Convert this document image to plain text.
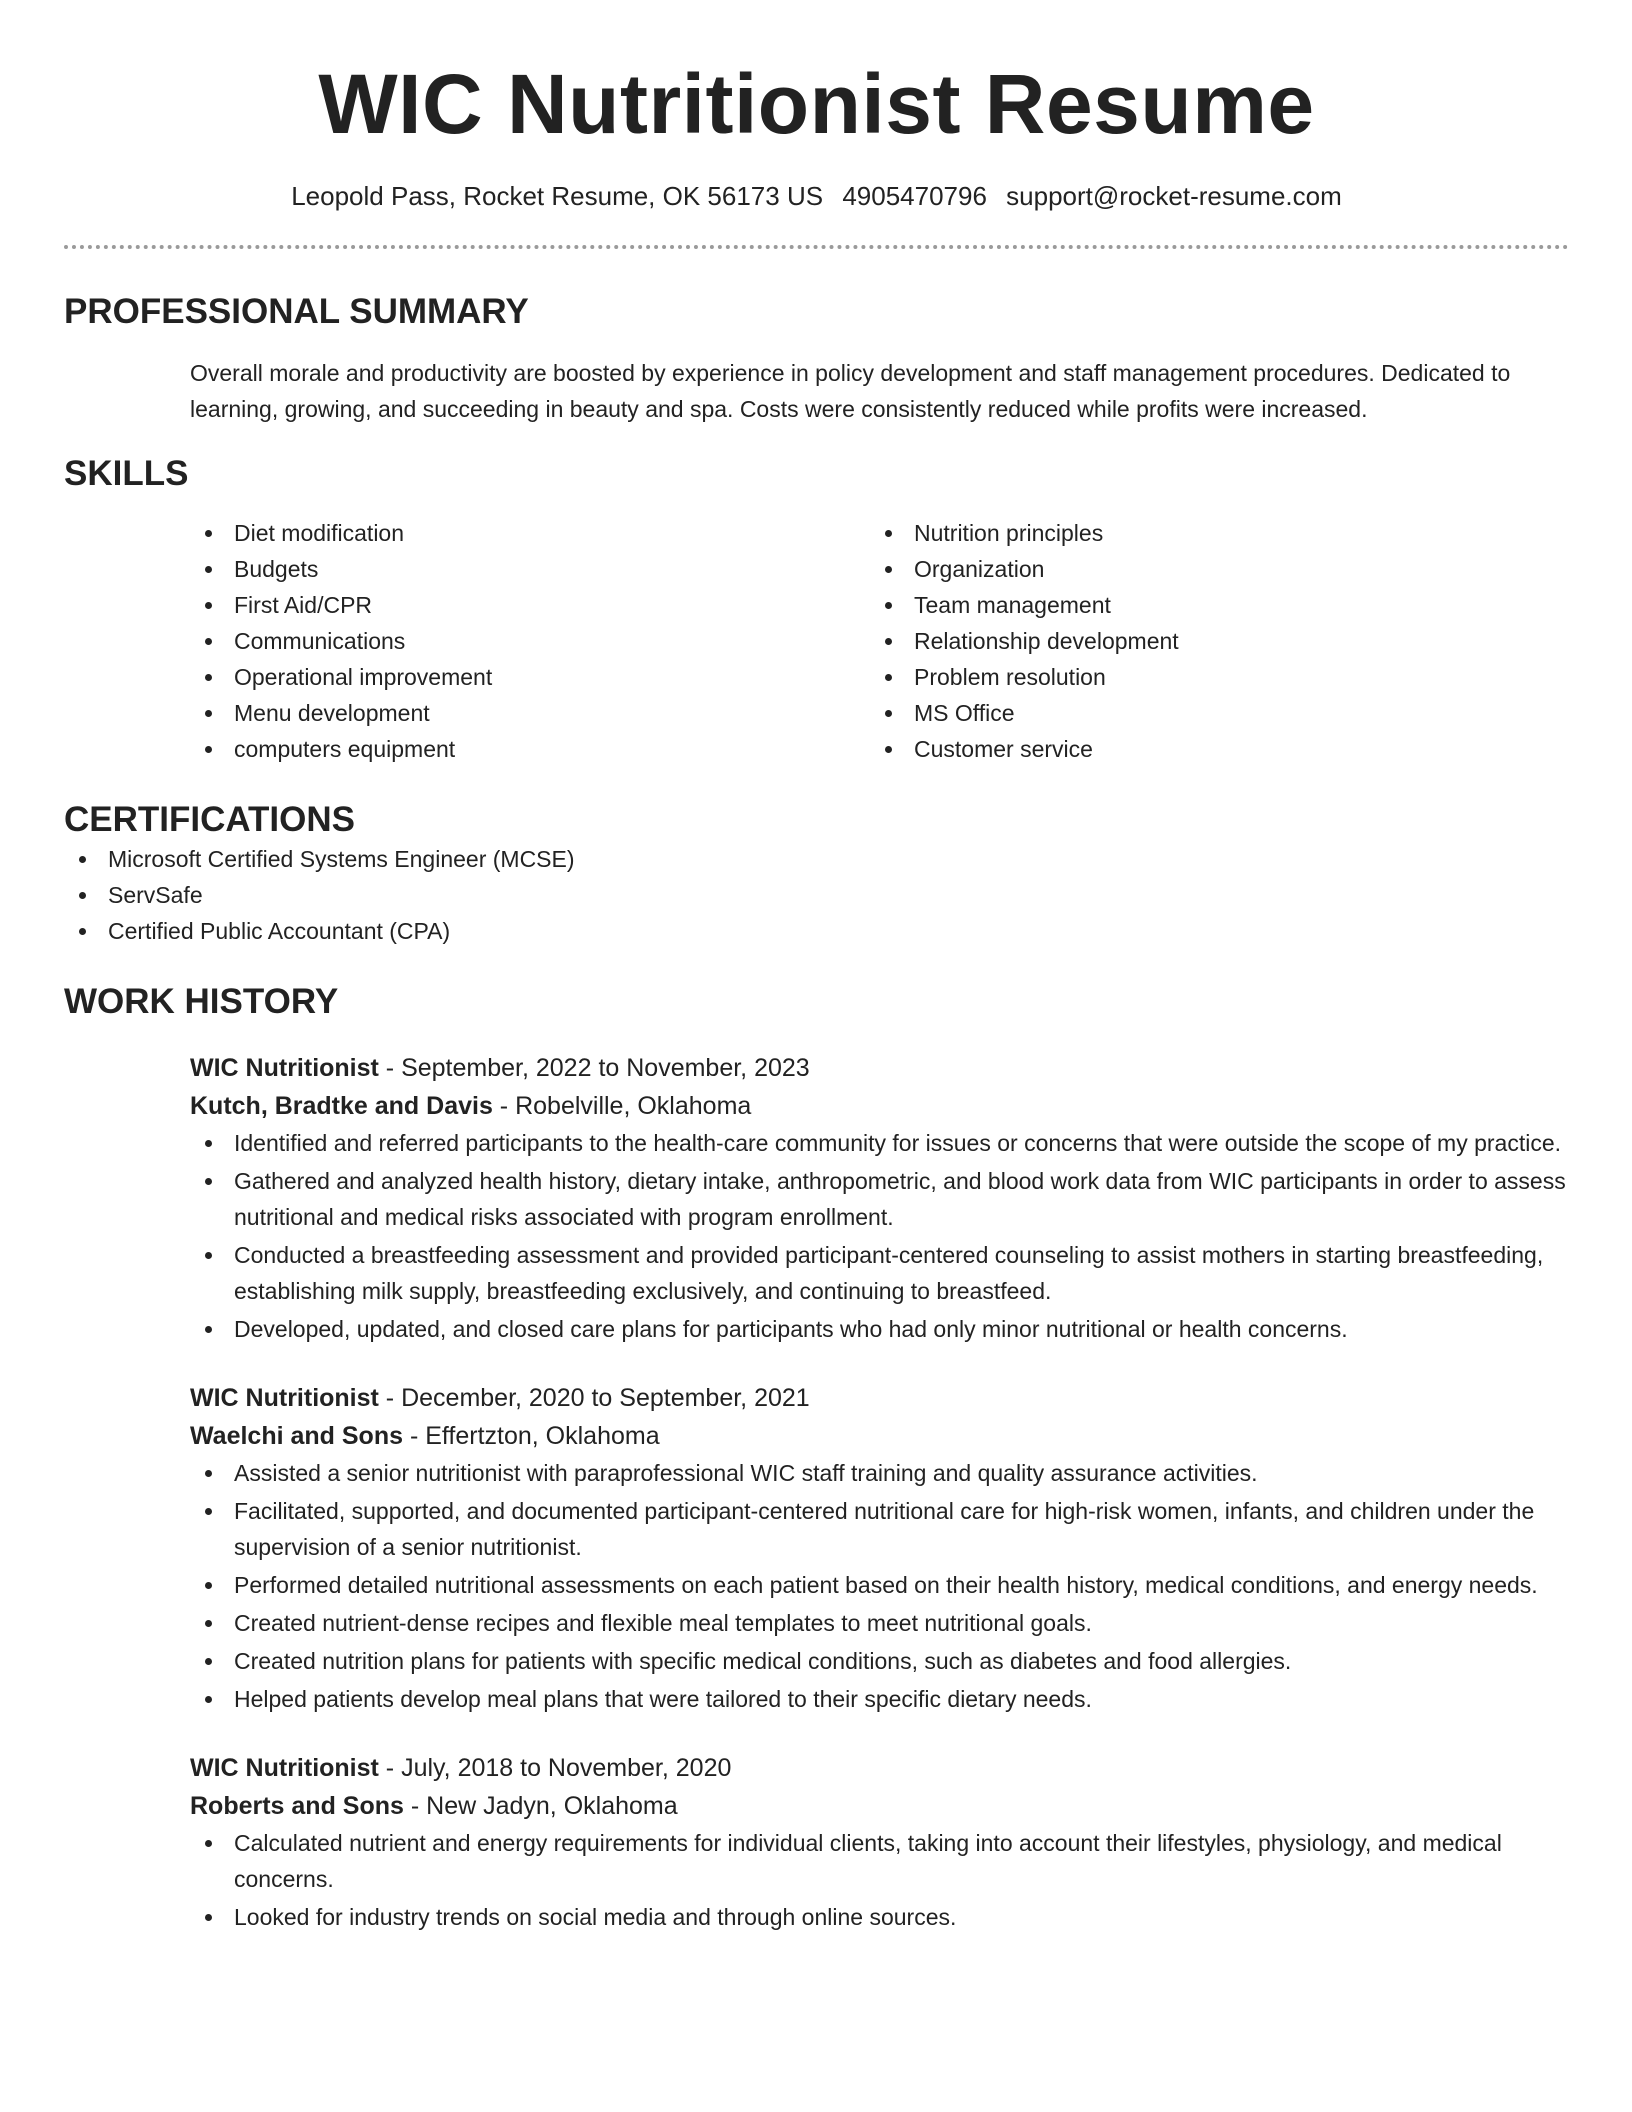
WIC Nutritionist Resume
Leopold Pass, Rocket Resume, OK 56173 US 4905470796 support@rocket-resume.com
PROFESSIONAL SUMMARY
Overall morale and productivity are boosted by experience in policy development and staff management procedures. Dedicated to learning, growing, and succeeding in beauty and spa. Costs were consistently reduced while profits were increased.
SKILLS
Diet modification
Budgets
First Aid/CPR
Communications
Operational improvement
Menu development
computers equipment
Nutrition principles
Organization
Team management
Relationship development
Problem resolution
MS Office
Customer service
CERTIFICATIONS
Microsoft Certified Systems Engineer (MCSE)
ServSafe
Certified Public Accountant (CPA)
WORK HISTORY
WIC Nutritionist - September, 2022 to November, 2023
Kutch, Bradtke and Davis - Robelville, Oklahoma
Identified and referred participants to the health-care community for issues or concerns that were outside the scope of my practice.
Gathered and analyzed health history, dietary intake, anthropometric, and blood work data from WIC participants in order to assess nutritional and medical risks associated with program enrollment.
Conducted a breastfeeding assessment and provided participant-centered counseling to assist mothers in starting breastfeeding, establishing milk supply, breastfeeding exclusively, and continuing to breastfeed.
Developed, updated, and closed care plans for participants who had only minor nutritional or health concerns.
WIC Nutritionist - December, 2020 to September, 2021
Waelchi and Sons - Effertzton, Oklahoma
Assisted a senior nutritionist with paraprofessional WIC staff training and quality assurance activities.
Facilitated, supported, and documented participant-centered nutritional care for high-risk women, infants, and children under the supervision of a senior nutritionist.
Performed detailed nutritional assessments on each patient based on their health history, medical conditions, and energy needs.
Created nutrient-dense recipes and flexible meal templates to meet nutritional goals.
Created nutrition plans for patients with specific medical conditions, such as diabetes and food allergies.
Helped patients develop meal plans that were tailored to their specific dietary needs.
WIC Nutritionist - July, 2018 to November, 2020
Roberts and Sons - New Jadyn, Oklahoma
Calculated nutrient and energy requirements for individual clients, taking into account their lifestyles, physiology, and medical concerns.
Looked for industry trends on social media and through online sources.
